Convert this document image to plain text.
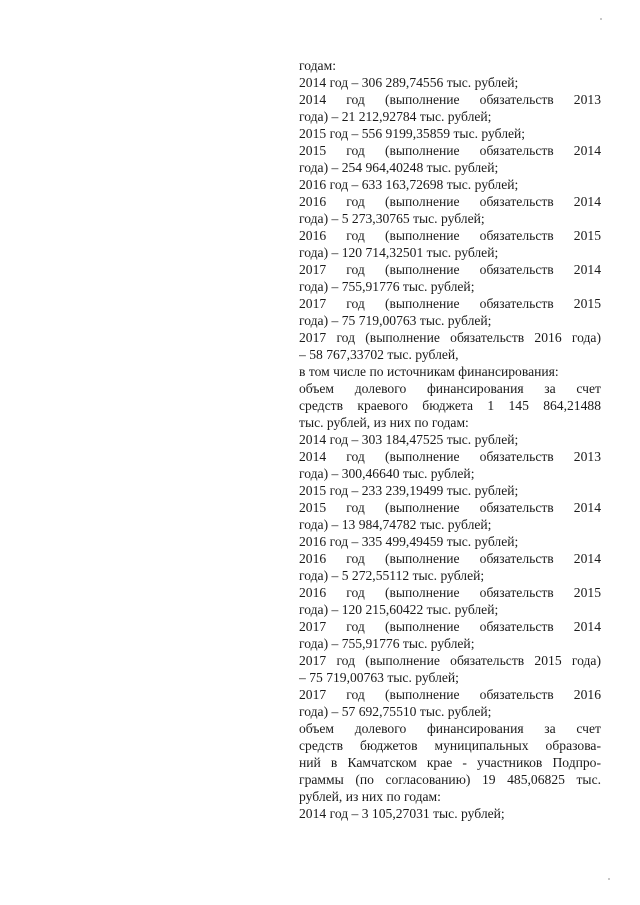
годам:
2014 год – 306 289,74556 тыс. рублей;
2014 год (выполнение обязательств 2013
года) – 21 212,92784 тыс. рублей;
2015 год – 556 9199,35859 тыс. рублей;
2015 год (выполнение обязательств 2014
года) – 254 964,40248 тыс. рублей;
2016 год – 633 163,72698 тыс. рублей;
2016 год (выполнение обязательств 2014
года) – 5 273,30765 тыс. рублей;
2016 год (выполнение обязательств 2015
года) – 120 714,32501 тыс. рублей;
2017 год (выполнение обязательств 2014
года) – 755,91776 тыс. рублей;
2017 год (выполнение обязательств 2015
года) – 75 719,00763 тыс. рублей;
2017 год (выполнение обязательств 2016 года)
– 58 767,33702 тыс. рублей,
в том числе по источникам финансирования:
объем долевого финансирования за счет
средств краевого бюджета 1 145 864,21488
тыс. рублей, из них по годам:
2014 год – 303 184,47525 тыс. рублей;
2014 год (выполнение обязательств 2013
года) – 300,46640 тыс. рублей;
2015 год – 233 239,19499 тыс. рублей;
2015 год (выполнение обязательств 2014
года) – 13 984,74782 тыс. рублей;
2016 год – 335 499,49459 тыс. рублей;
2016 год (выполнение обязательств 2014
года) – 5 272,55112 тыс. рублей;
2016 год (выполнение обязательств 2015
года) – 120 215,60422 тыс. рублей;
2017 год (выполнение обязательств 2014
года) – 755,91776 тыс. рублей;
2017 год (выполнение обязательств 2015 года)
– 75 719,00763 тыс. рублей;
2017 год (выполнение обязательств 2016
года) – 57 692,75510 тыс. рублей;
объем долевого финансирования за счет
средств бюджетов муниципальных образова-
ний в Камчатском крае - участников Подпро-
граммы (по согласованию) 19 485,06825 тыс.
рублей, из них по годам:
2014 год – 3 105,27031 тыс. рублей;
